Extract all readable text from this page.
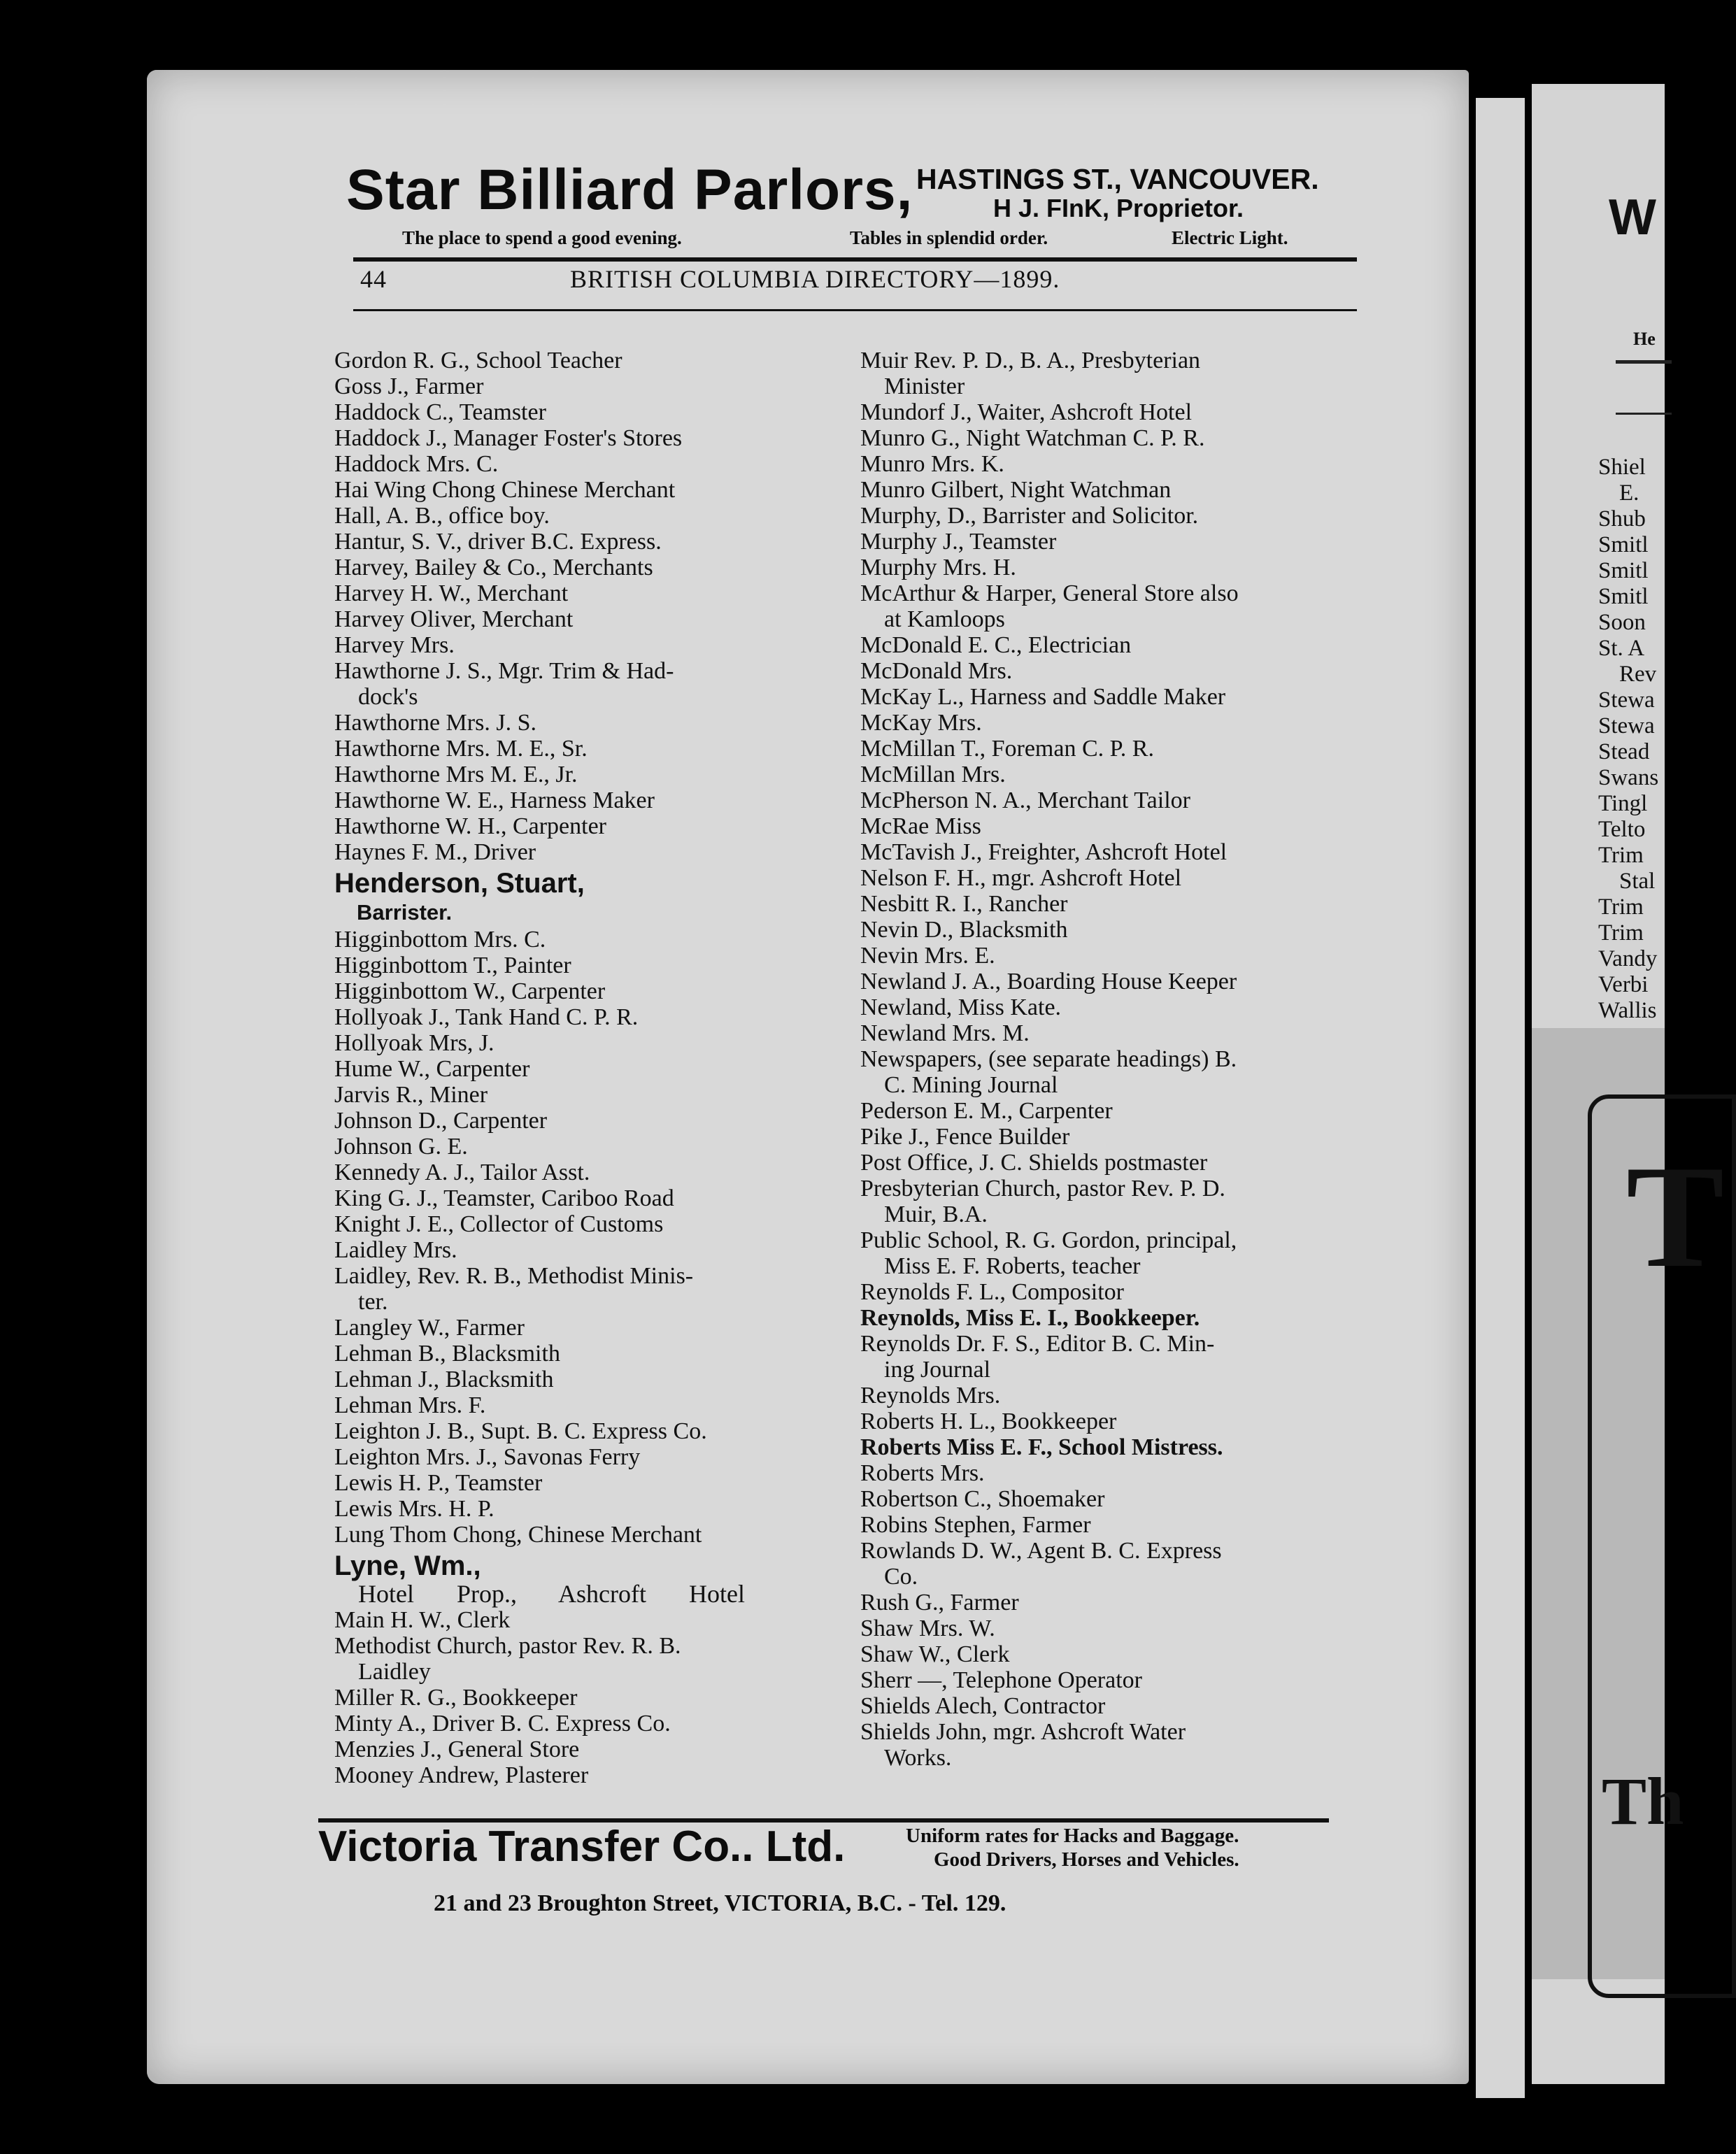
W
He
Shiel
E.
Shub
Smitl
Smitl
Smitl
Soon
St. A
Rev
Stewa
Stewa
Stead
Swans
Tingl
Telto
Trim
Stal
Trim
Trim
Vandy
Verbi
Wallis
T
Th
Star Billiard Parlors, HASTINGS ST., VANCOUVER.
H J. FInK, Proprietor.
The place to spend a good evening.	Tables in splendid order.	Electric Light.
44	BRITISH COLUMBIA DIRECTORY—1899.
Gordon R. G., School Teacher
Goss J., Farmer
Haddock C., Teamster
Haddock J., Manager Foster's Stores
Haddock Mrs. C.
Hai Wing Chong Chinese Merchant
Hall, A. B., office boy.
Hantur, S. V., driver B.C. Express.
Harvey, Bailey & Co., Merchants
Harvey H. W., Merchant
Harvey Oliver, Merchant
Harvey Mrs.
Hawthorne J. S., Mgr. Trim & Had-
dock's
Hawthorne Mrs. J. S.
Hawthorne Mrs. M. E., Sr.
Hawthorne Mrs M. E., Jr.
Hawthorne W. E., Harness Maker
Hawthorne W. H., Carpenter
Haynes F. M., Driver
Henderson, Stuart,
Barrister.
Higginbottom Mrs. C.
Higginbottom T., Painter
Higginbottom W., Carpenter
Hollyoak J., Tank Hand C. P. R.
Hollyoak Mrs, J.
Hume W., Carpenter
Jarvis R., Miner
Johnson D., Carpenter
Johnson G. E.
Kennedy A. J., Tailor Asst.
King G. J., Teamster, Cariboo Road
Knight J. E., Collector of Customs
Laidley Mrs.
Laidley, Rev. R. B., Methodist Minis-
ter.
Langley W., Farmer
Lehman B., Blacksmith
Lehman J., Blacksmith
Lehman Mrs. F.
Leighton J. B., Supt. B. C. Express Co.
Leighton Mrs. J., Savonas Ferry
Lewis H. P., Teamster
Lewis Mrs. H. P.
Lung Thom Chong, Chinese Merchant
Lyne, Wm.,
Hotel Prop., Ashcroft Hotel
Main H. W., Clerk
Methodist Church, pastor Rev. R. B.
Laidley
Miller R. G., Bookkeeper
Minty A., Driver B. C. Express Co.
Menzies J., General Store
Mooney Andrew, Plasterer
Muir Rev. P. D., B. A., Presbyterian
Minister
Mundorf J., Waiter, Ashcroft Hotel
Munro G., Night Watchman C. P. R.
Munro Mrs. K.
Munro Gilbert, Night Watchman
Murphy, D., Barrister and Solicitor.
Murphy J., Teamster
Murphy Mrs. H.
McArthur & Harper, General Store also
at Kamloops
McDonald E. C., Electrician
McDonald Mrs.
McKay L., Harness and Saddle Maker
McKay Mrs.
McMillan T., Foreman C. P. R.
McMillan Mrs.
McPherson N. A., Merchant Tailor
McRae Miss
McTavish J., Freighter, Ashcroft Hotel
Nelson F. H., mgr. Ashcroft Hotel
Nesbitt R. I., Rancher
Nevin D., Blacksmith
Nevin Mrs. E.
Newland J. A., Boarding House Keeper
Newland, Miss Kate.
Newland Mrs. M.
Newspapers, (see separate headings) B.
C. Mining Journal
Pederson E. M., Carpenter
Pike J., Fence Builder
Post Office, J. C. Shields postmaster
Presbyterian Church, pastor Rev. P. D.
Muir, B.A.
Public School, R. G. Gordon, principal,
Miss E. F. Roberts, teacher
Reynolds F. L., Compositor
Reynolds, Miss E. I., Bookkeeper.
Reynolds Dr. F. S., Editor B. C. Min-
ing Journal
Reynolds Mrs.
Roberts H. L., Bookkeeper
Roberts Miss E. F., School Mistress.
Roberts Mrs.
Robertson C., Shoemaker
Robins Stephen, Farmer
Rowlands D. W., Agent B. C. Express
Co.
Rush G., Farmer
Shaw Mrs. W.
Shaw W., Clerk
Sherr —, Telephone Operator
Shields Alech, Contractor
Shields John, mgr. Ashcroft Water
Works.
Victoria Transfer Co.. Ltd.	Uniform rates for Hacks and Baggage.
Good Drivers, Horses and Vehicles.
21 and 23 Broughton Street, VICTORIA, B.C. - Tel. 129.
